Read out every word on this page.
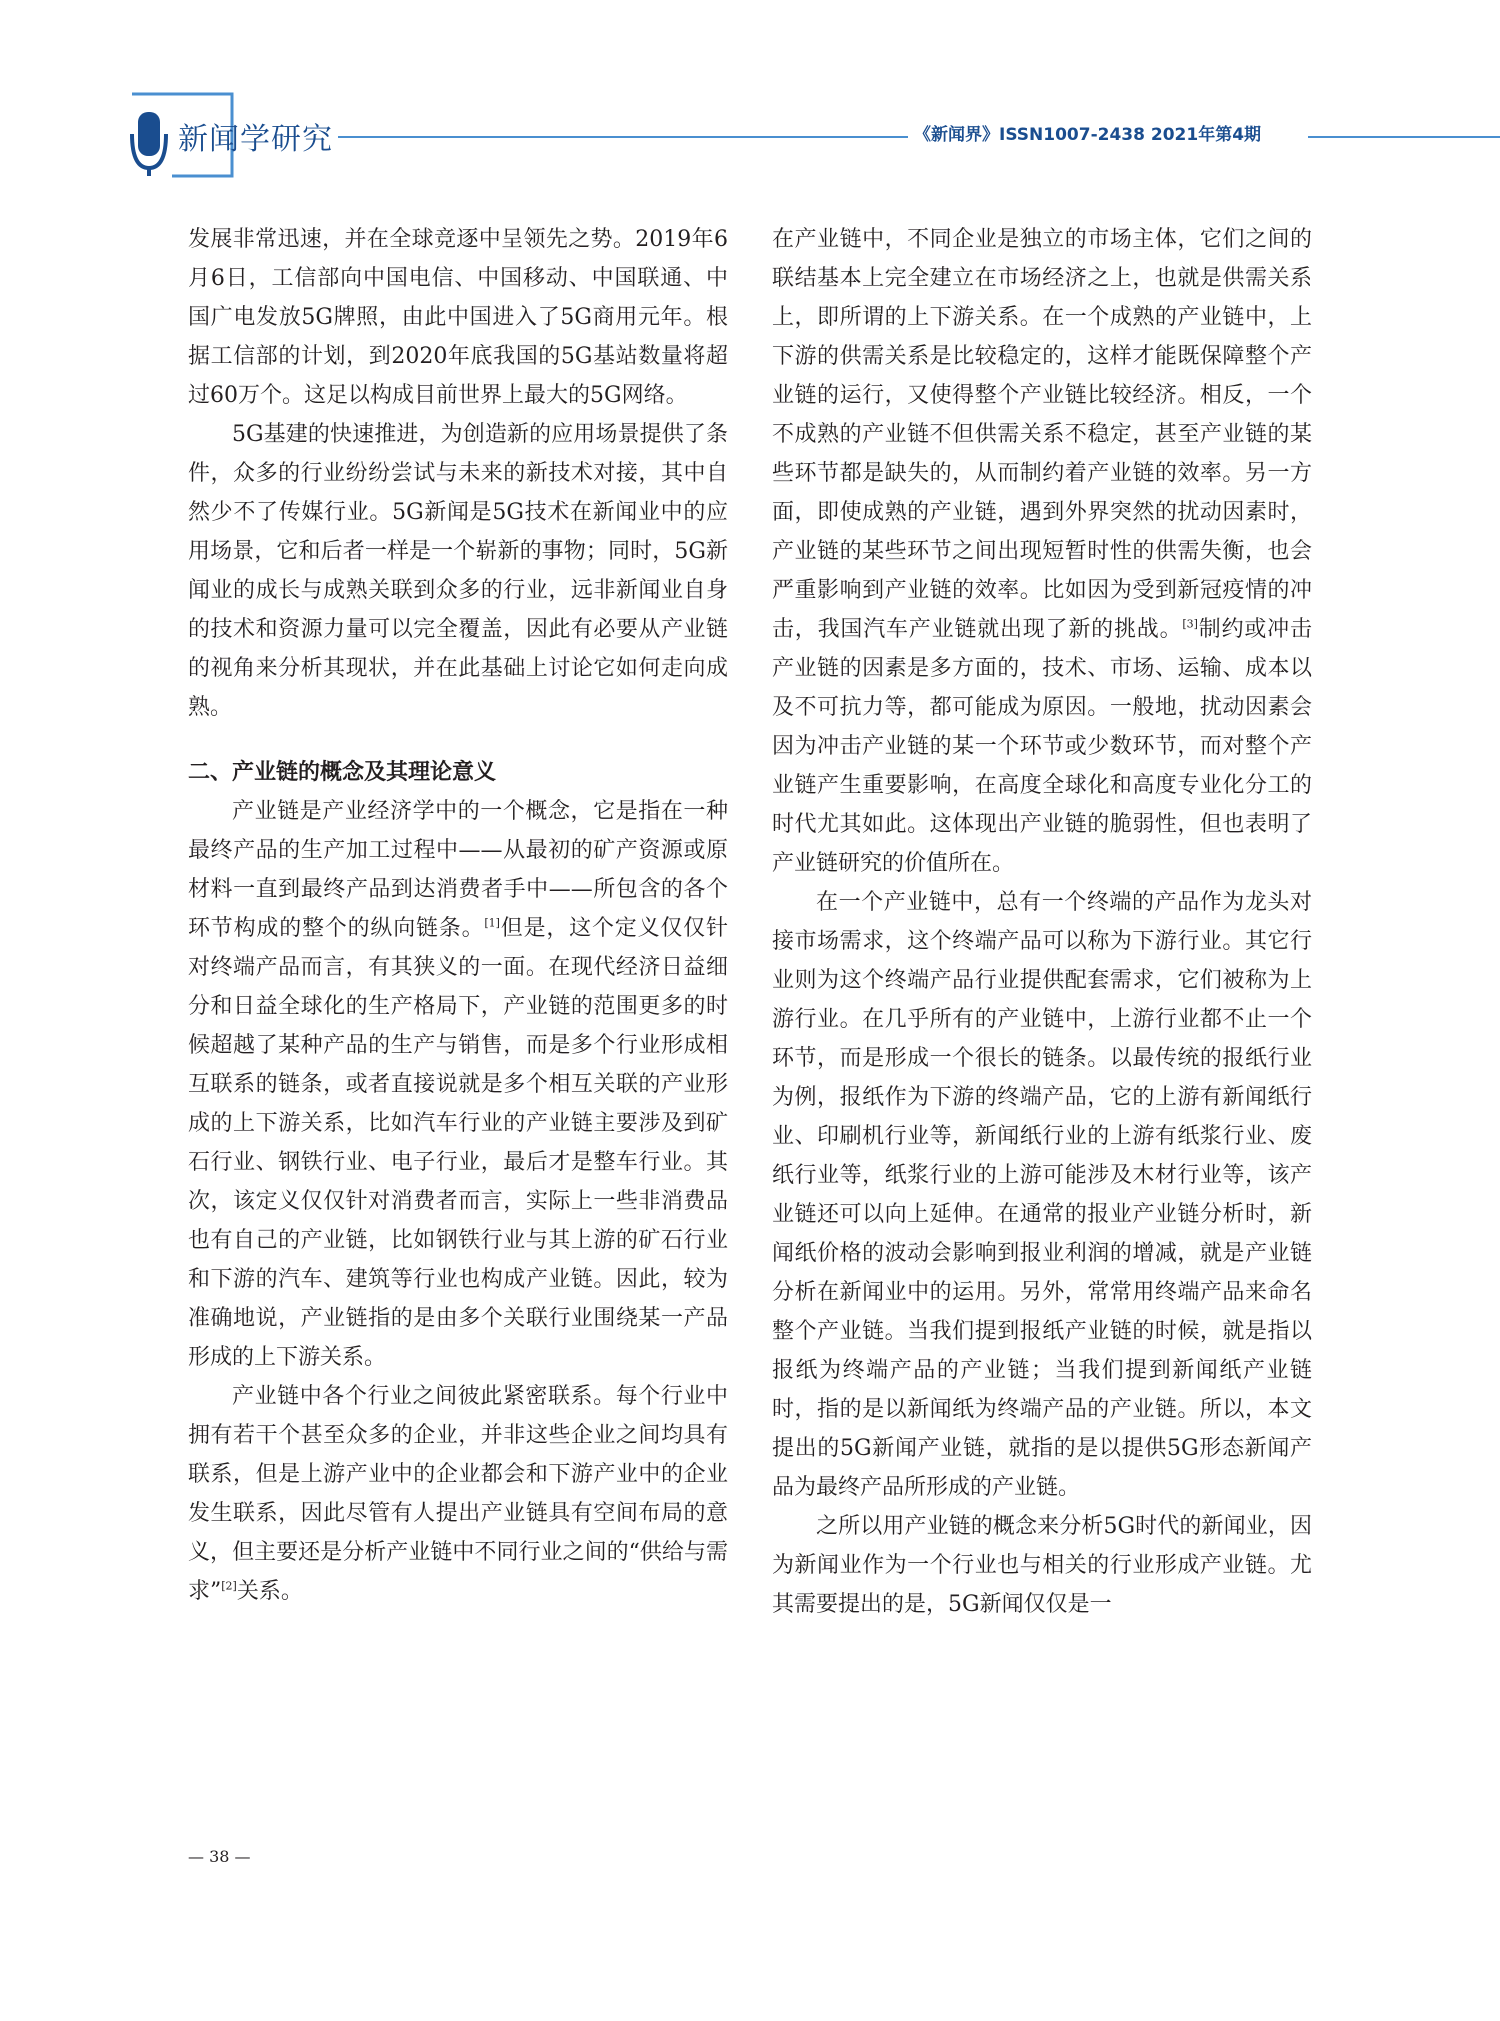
新闻学研究	《新闻界》ISSN1007-2438 2021年第4期

发展非常迅速，并在全球竞逐中呈领先之势。2019年6月6日，工信部向中国电信、中国移动、中国联通、中国广电发放5G牌照，由此中国进入了5G商用元年。根据工信部的计划，到2020年底我国的5G基站数量将超过60万个。这足以构成目前世界上最大的5G网络。

5G基建的快速推进，为创造新的应用场景提供了条件，众多的行业纷纷尝试与未来的新技术对接，其中自然少不了传媒行业。5G新闻是5G技术在新闻业中的应用场景，它和后者一样是一个崭新的事物；同时，5G新闻业的成长与成熟关联到众多的行业，远非新闻业自身的技术和资源力量可以完全覆盖，因此有必要从产业链的视角来分析其现状，并在此基础上讨论它如何走向成熟。

二、产业链的概念及其理论意义

产业链是产业经济学中的一个概念，它是指在一种最终产品的生产加工过程中——从最初的矿产资源或原材料一直到最终产品到达消费者手中——所包含的各个环节构成的整个的纵向链条。[1]但是，这个定义仅仅针对终端产品而言，有其狭义的一面。在现代经济日益细分和日益全球化的生产格局下，产业链的范围更多的时候超越了某种产品的生产与销售，而是多个行业形成相互联系的链条，或者直接说就是多个相互关联的产业形成的上下游关系，比如汽车行业的产业链主要涉及到矿石行业、钢铁行业、电子行业，最后才是整车行业。其次，该定义仅仅针对消费者而言，实际上一些非消费品也有自己的产业链，比如钢铁行业与其上游的矿石行业和下游的汽车、建筑等行业也构成产业链。因此，较为准确地说，产业链指的是由多个关联行业围绕某一产品形成的上下游关系。

产业链中各个行业之间彼此紧密联系。每个行业中拥有若干个甚至众多的企业，并非这些企业之间均具有联系，但是上游产业中的企业都会和下游产业中的企业发生联系，因此尽管有人提出产业链具有空间布局的意义，但主要还是分析产业链中不同行业之间的“供给与需求”[2]关系。

在产业链中，不同企业是独立的市场主体，它们之间的联结基本上完全建立在市场经济之上，也就是供需关系上，即所谓的上下游关系。在一个成熟的产业链中，上下游的供需关系是比较稳定的，这样才能既保障整个产业链的运行，又使得整个产业链比较经济。相反，一个不成熟的产业链不但供需关系不稳定，甚至产业链的某些环节都是缺失的，从而制约着产业链的效率。另一方面，即使成熟的产业链，遇到外界突然的扰动因素时，产业链的某些环节之间出现短暂时性的供需失衡，也会严重影响到产业链的效率。比如因为受到新冠疫情的冲击，我国汽车产业链就出现了新的挑战。[3]制约或冲击产业链的因素是多方面的，技术、市场、运输、成本以及不可抗力等，都可能成为原因。一般地，扰动因素会因为冲击产业链的某一个环节或少数环节，而对整个产业链产生重要影响，在高度全球化和高度专业化分工的时代尤其如此。这体现出产业链的脆弱性，但也表明了产业链研究的价值所在。

在一个产业链中，总有一个终端的产品作为龙头对接市场需求，这个终端产品可以称为下游行业。其它行业则为这个终端产品行业提供配套需求，它们被称为上游行业。在几乎所有的产业链中，上游行业都不止一个环节，而是形成一个很长的链条。以最传统的报纸行业为例，报纸作为下游的终端产品，它的上游有新闻纸行业、印刷机行业等，新闻纸行业的上游有纸浆行业、废纸行业等，纸浆行业的上游可能涉及木材行业等，该产业链还可以向上延伸。在通常的报业产业链分析时，新闻纸价格的波动会影响到报业利润的增减，就是产业链分析在新闻业中的运用。另外，常常用终端产品来命名整个产业链。当我们提到报纸产业链的时候，就是指以报纸为终端产品的产业链；当我们提到新闻纸产业链时，指的是以新闻纸为终端产品的产业链。所以，本文提出的5G新闻产业链，就指的是以提供5G形态新闻产品为最终产品所形成的产业链。

之所以用产业链的概念来分析5G时代的新闻业，因为新闻业作为一个行业也与相关的行业形成产业链。尤其需要提出的是，5G新闻仅仅是一

— 38 —
